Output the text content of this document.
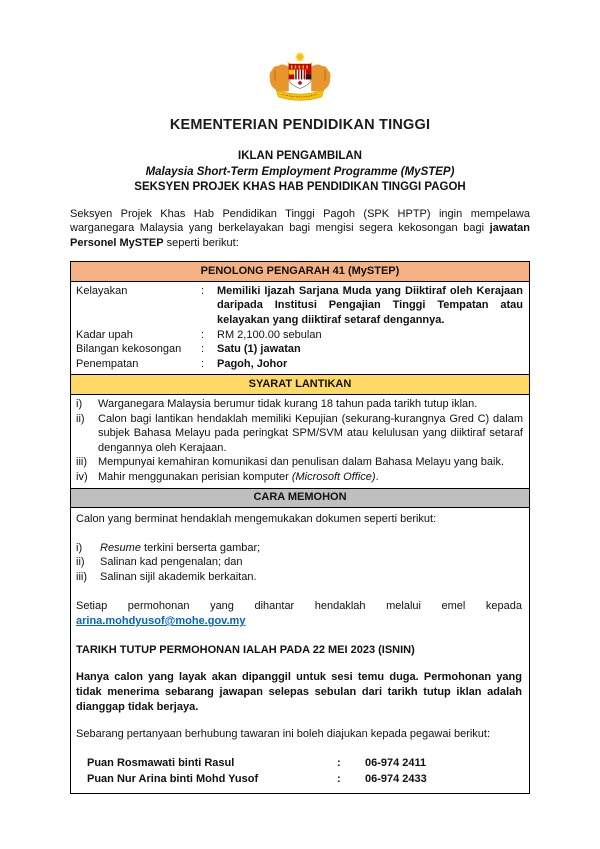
KEMENTERIAN PENDIDIKAN TINGGI
IKLAN PENGAMBILAN
Malaysia Short-Term Employment Programme (MySTEP)
SEKSYEN PROJEK KHAS HAB PENDIDIKAN TINGGI PAGOH

Seksyen Projek Khas Hab Pendidikan Tinggi Pagoh (SPK HPTP) ingin mempelawa warganegara Malaysia yang berkelayakan bagi mengisi segera kekosongan bagi jawatan Personel MySTEP seperti berikut:

PENOLONG PENGARAH 41 (MySTEP)
Kelayakan	:	Memiliki Ijazah Sarjana Muda yang Diiktiraf oleh Kerajaan daripada Institusi Pengajian Tinggi Tempatan atau kelayakan yang diiktiraf setaraf dengannya.
Kadar upah	:	RM 2,100.00 sebulan
Bilangan kekosongan	:	Satu (1) jawatan
Penempatan	:	Pagoh, Johor
SYARAT LANTIKAN
i)	Warganegara Malaysia berumur tidak kurang 18 tahun pada tarikh tutup iklan.
ii)	Calon bagi lantikan hendaklah memiliki Kepujian (sekurang-kurangnya Gred C) dalam subjek Bahasa Melayu pada peringkat SPM/SVM atau kelulusan yang diiktiraf setaraf dengannya oleh Kerajaan.
iii)	Mempunyai kemahiran komunikasi dan penulisan dalam Bahasa Melayu yang baik.
iv) Mahir menggunakan perisian komputer (Microsoft Office).
CARA MEMOHON
Calon yang berminat hendaklah mengemukakan dokumen seperti berikut:
i)	Resume terkini berserta gambar;
ii)	Salinan kad pengenalan; dan
iii)	Salinan sijil akademik berkaitan.
Setiap permohonan yang dihantar hendaklah melalui emel kepada
arina.mohdyusof@mohe.gov.my
TARIKH TUTUP PERMOHONAN IALAH PADA 22 MEI 2023 (ISNIN)
Hanya calon yang layak akan dipanggil untuk sesi temu duga. Permohonan yang tidak menerima sebarang jawapan selepas sebulan dari tarikh tutup iklan adalah dianggap tidak berjaya.
Sebarang pertanyaan berhubung tawaran ini boleh diajukan kepada pegawai berikut:
Puan Rosmawati binti Rasul	:	06-974 2411
Puan Nur Arina binti Mohd Yusof	:	06-974 2433
